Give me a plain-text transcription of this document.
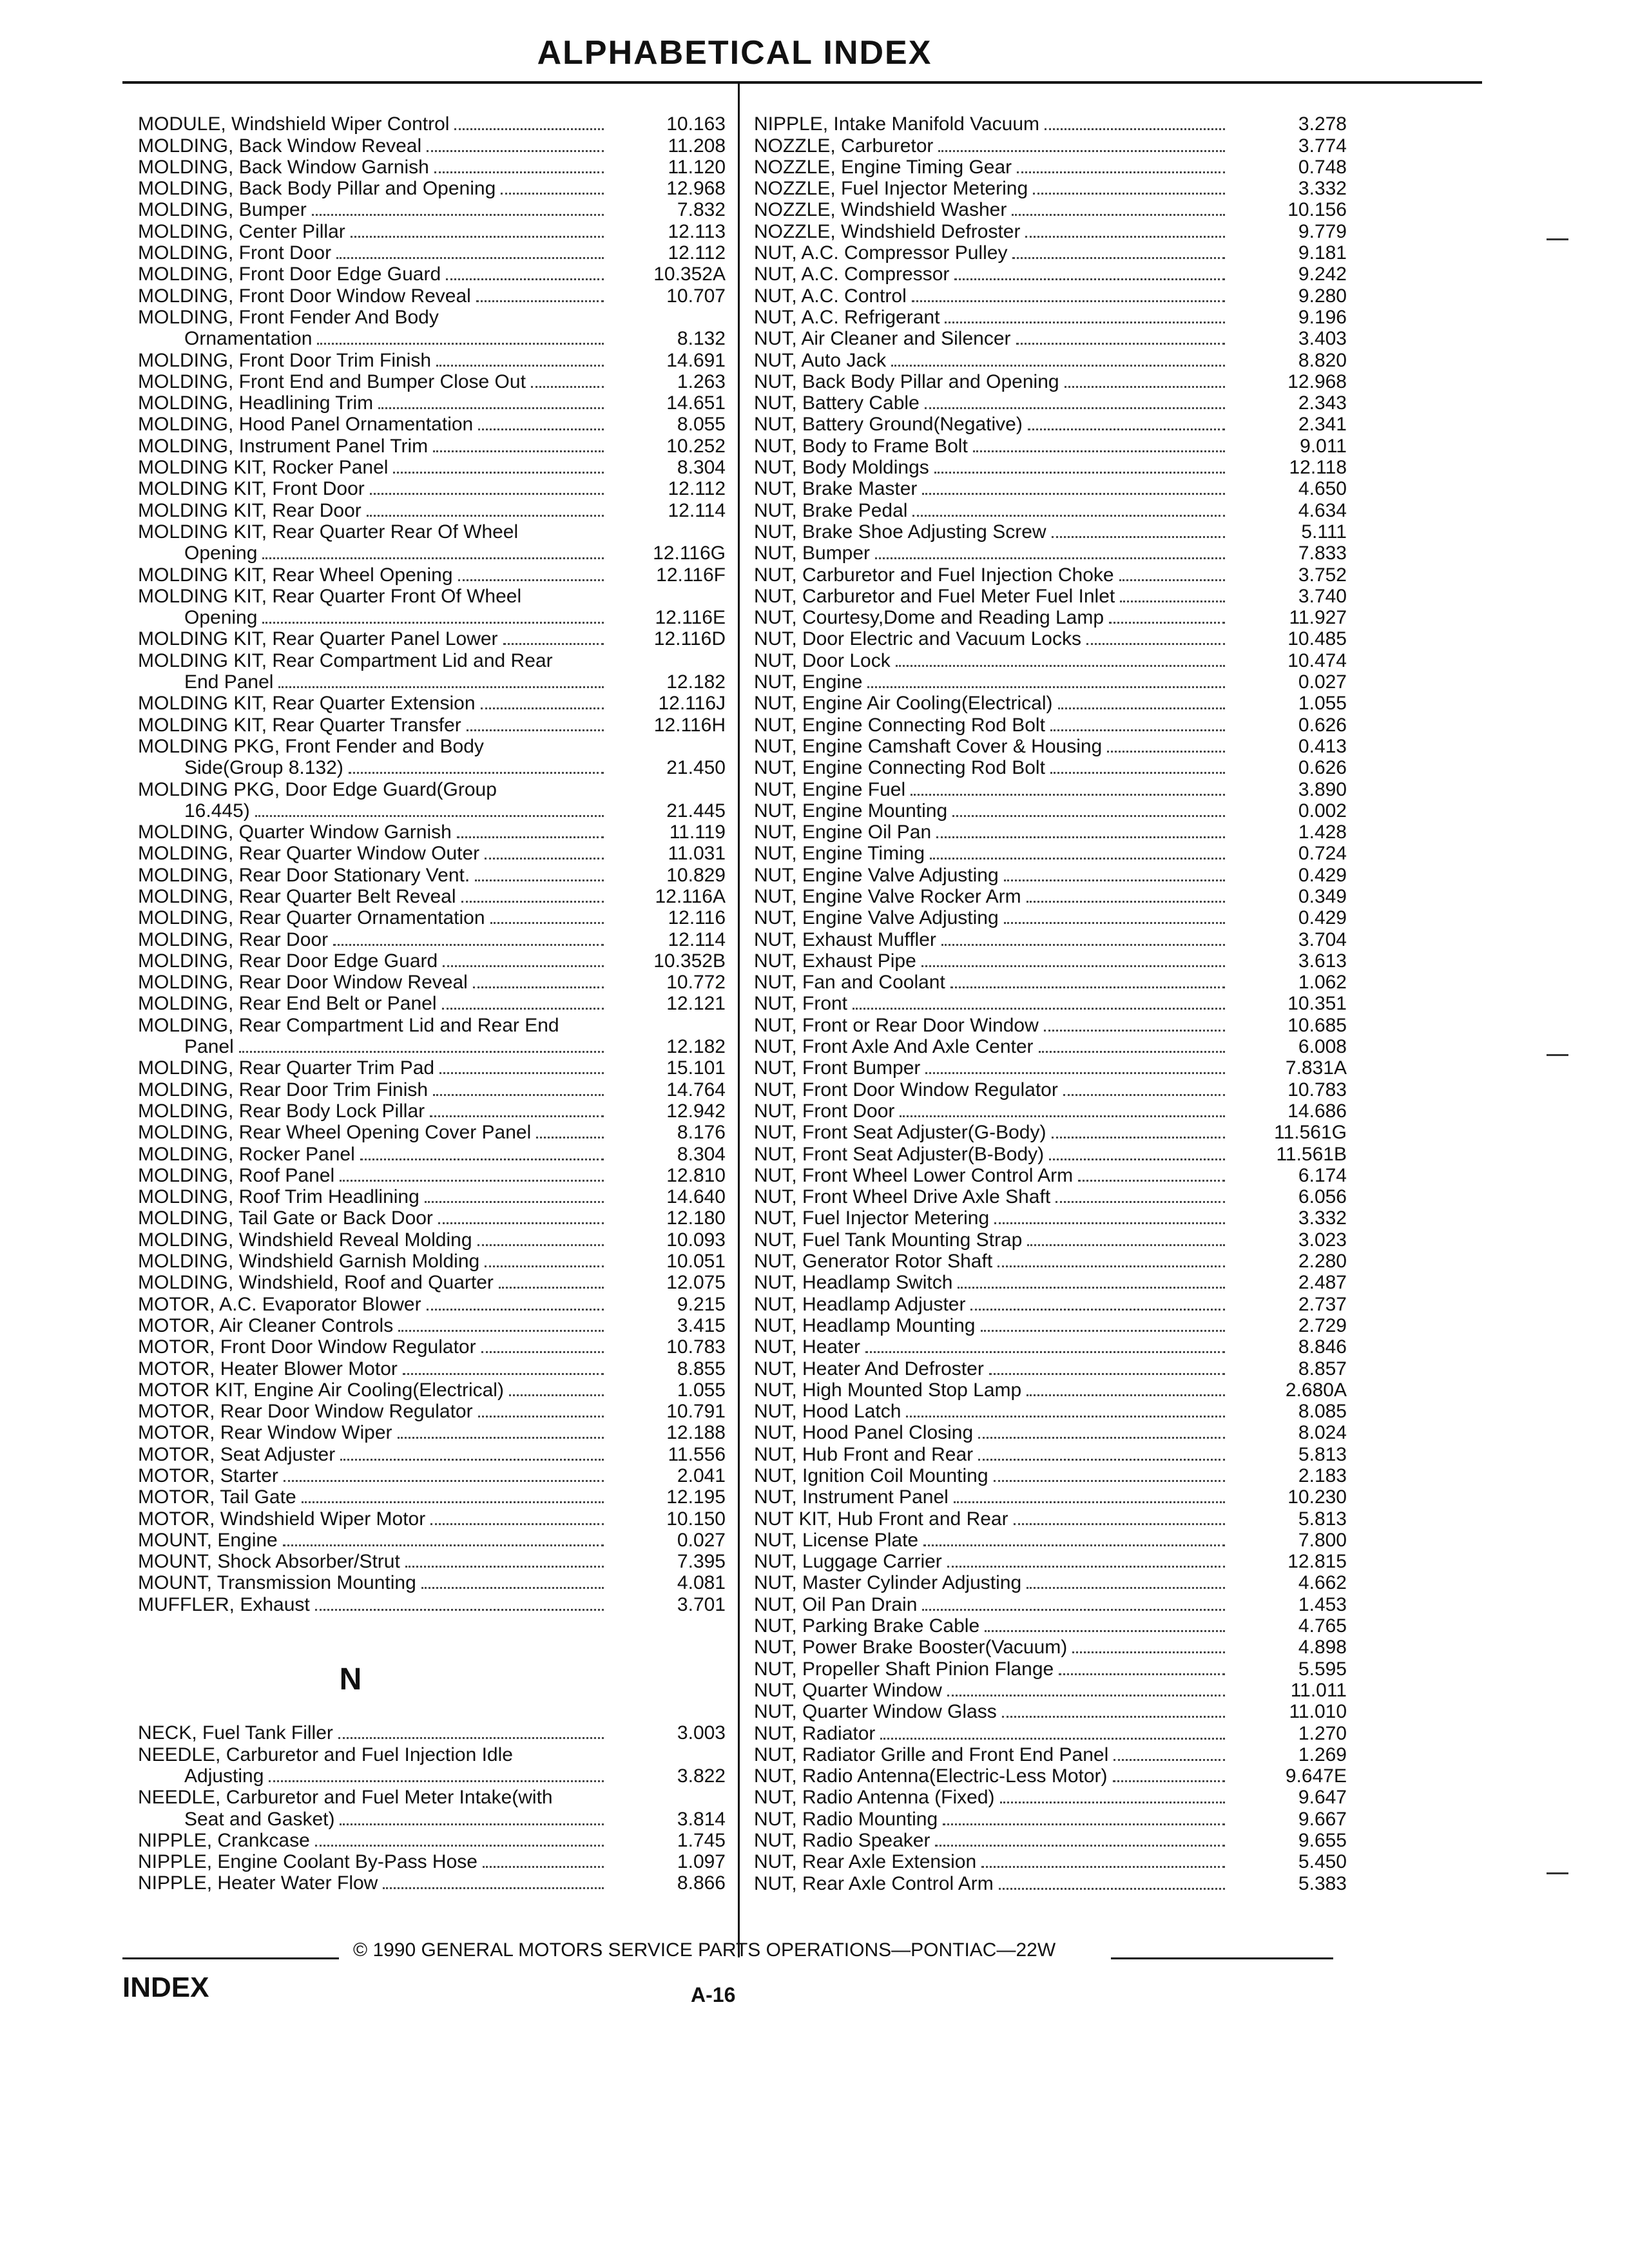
ALPHABETICAL INDEX
MODULE, Windshield Wiper Control	10.163
MOLDING, Back Window Reveal	11.208
MOLDING, Back Window Garnish	11.120
MOLDING, Back Body Pillar and Opening	12.968
MOLDING, Bumper	7.832
MOLDING, Center Pillar	12.113
MOLDING, Front Door	12.112
MOLDING, Front Door Edge Guard	10.352A
MOLDING, Front Door Window Reveal	10.707
MOLDING, Front Fender And Body
Ornamentation	8.132
MOLDING, Front Door Trim Finish	14.691
MOLDING, Front End and Bumper Close Out	1.263
MOLDING, Headlining Trim	14.651
MOLDING, Hood Panel Ornamentation	8.055
MOLDING, Instrument Panel Trim	10.252
MOLDING KIT, Rocker Panel	8.304
MOLDING KIT, Front Door	12.112
MOLDING KIT, Rear Door	12.114
MOLDING KIT, Rear Quarter Rear Of Wheel
Opening	12.116G
MOLDING KIT, Rear Wheel Opening	12.116F
MOLDING KIT, Rear Quarter Front Of Wheel
Opening	12.116E
MOLDING KIT, Rear Quarter Panel Lower	12.116D
MOLDING KIT, Rear Compartment Lid and Rear
End Panel	12.182
MOLDING KIT, Rear Quarter Extension	12.116J
MOLDING KIT, Rear Quarter Transfer	12.116H
MOLDING PKG, Front Fender and Body
Side(Group 8.132)	21.450
MOLDING PKG, Door Edge Guard(Group
16.445)	21.445
MOLDING, Quarter Window Garnish	11.119
MOLDING, Rear Quarter Window Outer	11.031
MOLDING, Rear Door Stationary Vent.	10.829
MOLDING, Rear Quarter Belt Reveal	12.116A
MOLDING, Rear Quarter Ornamentation	12.116
MOLDING, Rear Door	12.114
MOLDING, Rear Door Edge Guard	10.352B
MOLDING, Rear Door Window Reveal	10.772
MOLDING, Rear End Belt or Panel	12.121
MOLDING, Rear Compartment Lid and Rear End
Panel	12.182
MOLDING, Rear Quarter Trim Pad	15.101
MOLDING, Rear Door Trim Finish	14.764
MOLDING, Rear Body Lock Pillar	12.942
MOLDING, Rear Wheel Opening Cover Panel	8.176
MOLDING, Rocker Panel	8.304
MOLDING, Roof Panel	12.810
MOLDING, Roof Trim Headlining	14.640
MOLDING, Tail Gate or Back Door	12.180
MOLDING, Windshield Reveal Molding	10.093
MOLDING, Windshield Garnish Molding	10.051
MOLDING, Windshield, Roof and Quarter	12.075
MOTOR, A.C. Evaporator Blower	9.215
MOTOR, Air Cleaner Controls	3.415
MOTOR, Front Door Window Regulator	10.783
MOTOR, Heater Blower Motor	8.855
MOTOR KIT, Engine Air Cooling(Electrical)	1.055
MOTOR, Rear Door Window Regulator	10.791
MOTOR, Rear Window Wiper	12.188
MOTOR, Seat Adjuster	11.556
MOTOR, Starter	2.041
MOTOR, Tail Gate	12.195
MOTOR, Windshield Wiper Motor	10.150
MOUNT, Engine	0.027
MOUNT, Shock Absorber/Strut	7.395
MOUNT, Transmission Mounting	4.081
MUFFLER, Exhaust	3.701
N
NECK, Fuel Tank Filler	3.003
NEEDLE, Carburetor and Fuel Injection Idle
Adjusting	3.822
NEEDLE, Carburetor and Fuel Meter Intake(with
Seat and Gasket)	3.814
NIPPLE, Crankcase	1.745
NIPPLE, Engine Coolant By-Pass Hose	1.097
NIPPLE, Heater Water Flow	8.866
NIPPLE, Intake Manifold Vacuum	3.278
NOZZLE, Carburetor	3.774
NOZZLE, Engine Timing Gear	0.748
NOZZLE, Fuel Injector Metering	3.332
NOZZLE, Windshield Washer	10.156
NOZZLE, Windshield Defroster	9.779
NUT, A.C. Compressor Pulley	9.181
NUT, A.C. Compressor	9.242
NUT, A.C. Control	9.280
NUT, A.C. Refrigerant	9.196
NUT, Air Cleaner and Silencer	3.403
NUT, Auto Jack	8.820
NUT, Back Body Pillar and Opening	12.968
NUT, Battery Cable	2.343
NUT, Battery Ground(Negative)	2.341
NUT, Body to Frame Bolt	9.011
NUT, Body Moldings	12.118
NUT, Brake Master	4.650
NUT, Brake Pedal	4.634
NUT, Brake Shoe Adjusting Screw	5.111
NUT, Bumper	7.833
NUT, Carburetor and Fuel Injection Choke	3.752
NUT, Carburetor and Fuel Meter Fuel Inlet	3.740
NUT, Courtesy,Dome and Reading Lamp	11.927
NUT, Door Electric and Vacuum Locks	10.485
NUT, Door Lock	10.474
NUT, Engine	0.027
NUT, Engine Air Cooling(Electrical)	1.055
NUT, Engine Connecting Rod Bolt	0.626
NUT, Engine Camshaft Cover & Housing	0.413
NUT, Engine Connecting Rod Bolt	0.626
NUT, Engine Fuel	3.890
NUT, Engine Mounting	0.002
NUT, Engine Oil Pan	1.428
NUT, Engine Timing	0.724
NUT, Engine Valve Adjusting	0.429
NUT, Engine Valve Rocker Arm	0.349
NUT, Engine Valve Adjusting	0.429
NUT, Exhaust Muffler	3.704
NUT, Exhaust Pipe	3.613
NUT, Fan and Coolant	1.062
NUT, Front	10.351
NUT, Front or Rear Door Window	10.685
NUT, Front Axle And Axle Center	6.008
NUT, Front Bumper	7.831A
NUT, Front Door Window Regulator	10.783
NUT, Front Door	14.686
NUT, Front Seat Adjuster(G-Body)	11.561G
NUT, Front Seat Adjuster(B-Body)	11.561B
NUT, Front Wheel Lower Control Arm	6.174
NUT, Front Wheel Drive Axle Shaft	6.056
NUT, Fuel Injector Metering	3.332
NUT, Fuel Tank Mounting Strap	3.023
NUT, Generator Rotor Shaft	2.280
NUT, Headlamp Switch	2.487
NUT, Headlamp Adjuster	2.737
NUT, Headlamp Mounting	2.729
NUT, Heater	8.846
NUT, Heater And Defroster	8.857
NUT, High Mounted Stop Lamp	2.680A
NUT, Hood Latch	8.085
NUT, Hood Panel Closing	8.024
NUT, Hub Front and Rear	5.813
NUT, Ignition Coil Mounting	2.183
NUT, Instrument Panel	10.230
NUT KIT, Hub Front and Rear	5.813
NUT, License Plate	7.800
NUT, Luggage Carrier	12.815
NUT, Master Cylinder Adjusting	4.662
NUT, Oil Pan Drain	1.453
NUT, Parking Brake Cable	4.765
NUT, Power Brake Booster(Vacuum)	4.898
NUT, Propeller Shaft Pinion Flange	5.595
NUT, Quarter Window	11.011
NUT, Quarter Window Glass	11.010
NUT, Radiator	1.270
NUT, Radiator Grille and Front End Panel	1.269
NUT, Radio Antenna(Electric-Less Motor)	9.647E
NUT, Radio Antenna (Fixed)	9.647
NUT, Radio Mounting	9.667
NUT, Radio Speaker	9.655
NUT, Rear Axle Extension	5.450
NUT, Rear Axle Control Arm	5.383
© 1990 GENERAL MOTORS SERVICE PARTS OPERATIONS—PONTIAC—22W
INDEX	A-16
